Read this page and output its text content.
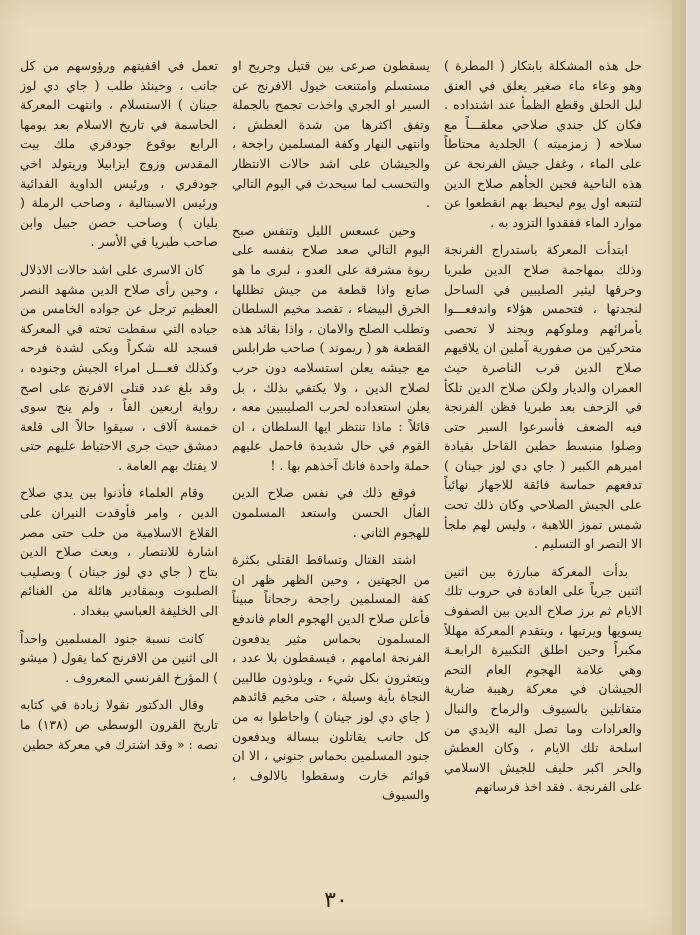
حل هذه المشكلة بابتكار ( المطرة ) وهو وعاء ماء صغير يعلق في العنق لبل الحلق وقطع الظمأ عند اشتداده . فكان كل جندي صلاحي معلقـــاً مع سلاحه ( زمزميته ) الجلدية محتاطاً على الماء ، وغفل جيش الفرنجة عن هذه الناحية فحين الجأهم صلاح الدين لتتبعه اول يوم ليحيط بهم انقطعوا عن موارد الماء ففقدوا التزود به .

ابتدأت المعركة باستدراج الفرنجة وذلك بمهاجمة صلاح الدين طبريا وحرقها ليثير الصليبين في الساحل لنجدتها ، فتحمس هؤلاء واندفعـــوا بأمرائهم وملوكهم وبجند لا تحصى متحركين من صفورية آملين ان يلاقيهم صلاح الدين قرب الناصرة حيث العمران والديار ولكن صلاح الدين تلكأ في الزحف بعد طبريا فظن الفرنجة فيه الضعف فأسرعوا السير حتى وصلوا منبسط حطين القاحل بقيادة اميرهم الكبير ( جاي دي لوز جينان ) تدفعهم حماسة فائقة للاجهاز نهائياً على الجيش الصلاحي وكان ذلك تحت شمس تموز اللاهبة ، وليس لهم ملجأ الا النصر او التسليم .

بدأت المعركة مبارزة بين اثنين اثنين جرياً على العادة في حروب تلك الايام ثم برز صلاح الدين بين الصفوف يسويها ويرتبها ، وبتقدم المعركة مهللاً مكبراً وحين اطلق التكبيرة الرابعـة وهي علامة الهجوم العام التحم الجيشان في معركة رهيبة ضارية متقاتلين بالسيوف والرماح والنبال والعرادات وما تصل اليه الايدي من اسلحة تلك الايام ، وكان العطش والحر اكبر حليف للجيش الاسلامي على الفرنجة . فقد اخذ فرسانهم

يسقطون صرعى بين قتيل وجريح او مستسلم وامتنعت خيول الافرنج عن السير او الجري واخذت تجمح بالجملة وتفق اكثرها من شدة العطش ، وانتهى النهار وكفة المسلمين راجحة ، والجيشان على اشد حالات الانتظار والتحسب لما سيحدث في اليوم التالي .

وحين عسعس الليل وتنفس صبح اليوم التالي صعد صلاح بنفسه على ربوة مشرفة على العدو ، لبرى ما هو صانع واذا قطعة من جيش تظللها الخرق البيضاء ، تقصد مخيم السلطان وتطلب الصلح والامان ، واذا بقائد هذه القطعة هو ( ريموند ) صاحب طرابلس مع جيشه يعلن استسلامه دون حرب لصلاح الدين ، ولا يكتفي بذلك ، بل يعلن استعداده لحرب الصليبيين معه ، قائلاً : ماذا تنتظر ايها السلطان ، ان القوم في حال شديدة فاحمل عليهم حملة واحدة فانك آخذهم بها . !

فوقع ذلك في نفس صلاح الدين الفأل الحسن واستعد المسلمون للهجوم الثاني .

اشتد القتال وتساقط القتلى بكثرة من الجهتين ، وحين الظهر ظهر ان كفة المسلمين راجحة رجحاناً مبيناً فأعلن صلاح الدين الهجوم العام فاندفع المسلمون بحماس مثير يدفعون الفرنجة امامهم ، فيسقطون بلا عدد ، ويتعثرون بكل شيء ، ويلوذون طالبين النجاة بأية وسيلة ، حتى مخيم قائدهم ( جاي دي لوز جينان ) واحاطوا به من كل جانب يقاتلون ببسالة ويدفعون جنود المسلمين بحماس جنوني ، الا ان قوائم خارت وسقطوا بالالوف ، والسيوف

تعمل في اقفيتهم ورؤوسهم من كل جانب ، وحينئذ طلب ( جاي دي لوز جينان ) الاستسلام ، وانتهت المعركة الحاسمة في تاريخ الاسلام بعد يومها الرابع بوقوع جودفري ملك بيت المقدس وزوج ايزابيلا وريتولد اخي جودفري ، ورئيس الداوية الفدائية ورئيس الاسبتالية ، وصاحب الرملة ( بليان ) وصاحب حصن جبيل وابن صاحب طبريا في الأسر .

كان الاسرى على اشد حالات الاذلال ، وحين رأى صلاح الدين مشهد النصر العظيم ترجل عن جواده الخامس من جياده التي سقطت تحته في المعركة فسجد لله شكراً وبكى لشدة فرحه وكذلك فعـــل امراء الجيش وجنوده ، وقد بلغ عدد قتلى الافرنج على اصح رواية اربعين الفاً ، ولم ينج سوى خمسة آلاف ، سيقوا حالاً الى قلعة دمشق حيث جرى الاحتياط عليهم حتى لا يفتك بهم العامة .

وقام العلماء فأذنوا بين يدي صلاح الدين ، وامر فأوقدت النيران على القلاع الاسلامية من حلب حتى مصر اشارة للانتصار ، وبعث صلاح الدين بتاج ( جاي دي لوز جينان ) وبصليب الصلبوت وبمقادير هائلة من الغنائم الى الخليفة العباسي ببغداد .

كانت نسبة جنود المسلمين واحداً الى اثنين من الافرنج كما يقول ( ميشو ) المؤرخ الفرنسي المعروف .

وقال الدكتور نقولا زيادة في كتابه تاريخ القرون الوسطى ص (١٣٨) ما نصه : « وقد اشترك في معركة حطين

٣٠
